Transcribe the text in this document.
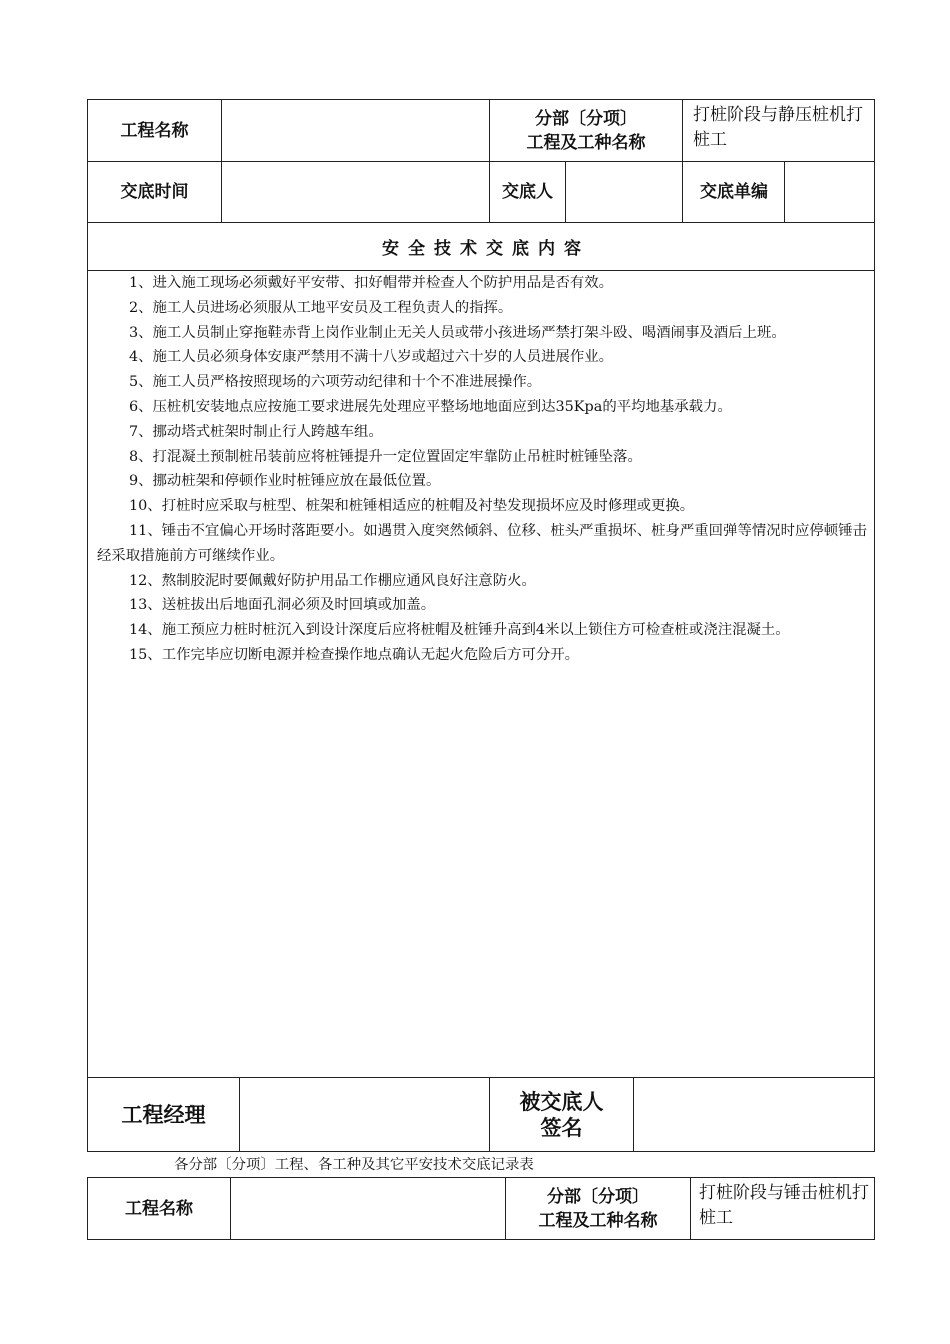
工程名称
分部〔分项〕
工程及工种名称
打桩阶段与静压桩机打桩工
交底时间	交底人	交底单编
安全技术交底内容

1、进入施工现场必须戴好平安带、扣好帽带并检查人个防护用品是否有效。

2、施工人员进场必须服从工地平安员及工程负责人的指挥。

3、施工人员制止穿拖鞋赤背上岗作业制止无关人员或带小孩进场严禁打架斗殴、喝酒闹事及酒后上班。

4、施工人员必须身体安康严禁用不满十八岁或超过六十岁的人员进展作业。

5、施工人员严格按照现场的六项劳动纪律和十个不准进展操作。

6、压桩机安装地点应按施工要求进展先处理应平整场地地面应到达35Kpa的平均地基承载力。

7、挪动塔式桩架时制止行人跨越车组。

8、打混凝土预制桩吊装前应将桩锤提升一定位置固定牢靠防止吊桩时桩锤坠落。

9、挪动桩架和停顿作业时桩锤应放在最低位置。

10、打桩时应采取与桩型、桩架和桩锤相适应的桩帽及衬垫发现损坏应及时修理或更换。

11、锤击不宜偏心开场时落距要小。如遇贯入度突然倾斜、位移、桩头严重损坏、桩身严重回弹等情况时应停顿锤击经采取措施前方可继续作业。

12、熬制胶泥时要佩戴好防护用品工作棚应通风良好注意防火。

13、送桩拔出后地面孔洞必须及时回填或加盖。

14、施工预应力桩时桩沉入到设计深度后应将桩帽及桩锤升高到4米以上锁住方可检查桩或浇注混凝土。

15、工作完毕应切断电源并检查操作地点确认无起火危险后方可分开。

工程经理
被交底人
签名
各分部〔分项〕工程、各工种及其它平安技术交底记录表
工程名称
分部〔分项〕
工程及工种名称
打桩阶段与锤击桩机打桩工
